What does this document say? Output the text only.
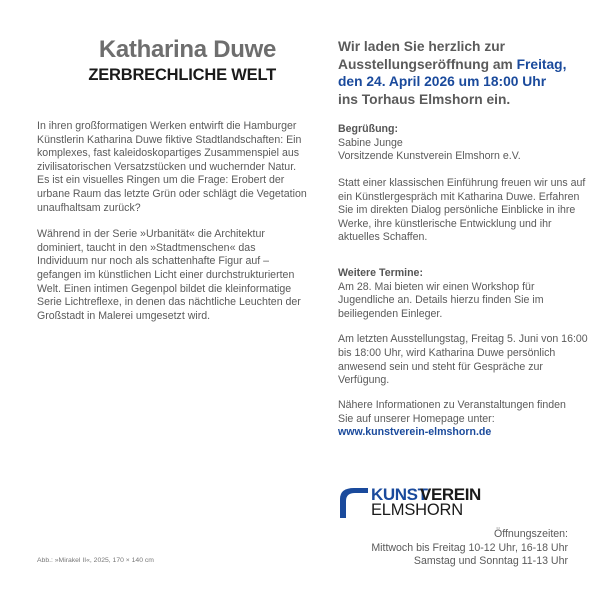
Katharina Duwe
ZERBRECHLICHE WELT

In ihren großformatigen Werken entwirft die Hamburger Künstlerin Katharina Duwe fiktive Stadtlandschaften: Ein komplexes, fast kaleidoskopartiges Zusammenspiel aus zivilisatorischen Versatzstücken und wuchernder Natur. Es ist ein visuelles Ringen um die Frage: Erobert der urbane Raum das letzte Grün oder schlägt die Vegetation unaufhaltsam zurück?

Während in der Serie »Urbanität« die Architektur dominiert, taucht in den »Stadtmenschen« das Individuum nur noch als schattenhafte Figur auf – gefangen im künstlichen Licht einer durchstrukturierten Welt. Einen intimen Gegenpol bildet die kleinformatige Serie Lichtreflexe, in denen das nächtliche Leuchten der Großstadt in Malerei umgesetzt wird.

Abb.: »Mirakel II«, 2025, 170 × 140 cm
Wir laden Sie herzlich zur
Ausstellungseröffnung am Freitag,
den 24. April 2026 um 18:00 Uhr
ins Torhaus Elmshorn ein.
Begrüßung:
Sabine Junge
Vorsitzende Kunstverein Elmshorn e.V.

Statt einer klassischen Einführung freuen wir uns auf ein Künstlergespräch mit Katharina Duwe. Erfahren Sie im direkten Dialog persönliche Einblicke in ihre Werke, ihre künstlerische Entwicklung und ihr aktuelles Schaffen.

Weitere Termine:

Am 28. Mai bieten wir einen Workshop für Jugendliche an. Details hierzu finden Sie im beiliegenden Einleger.

Am letzten Ausstellungstag, Freitag 5. Juni von 16:00 bis 18:00 Uhr, wird Katharina Duwe persönlich anwesend sein und steht für Gespräche zur Verfügung.

Nähere Informationen zu Veranstaltungen finden Sie auf unserer Homepage unter:

www.kunstverein-elmshorn.de
KUNST
VEREIN
ELMSHORN
Öffnungszeiten:
Mittwoch bis Freitag 10-12 Uhr, 16-18 Uhr
Samstag und Sonntag 11-13 Uhr
